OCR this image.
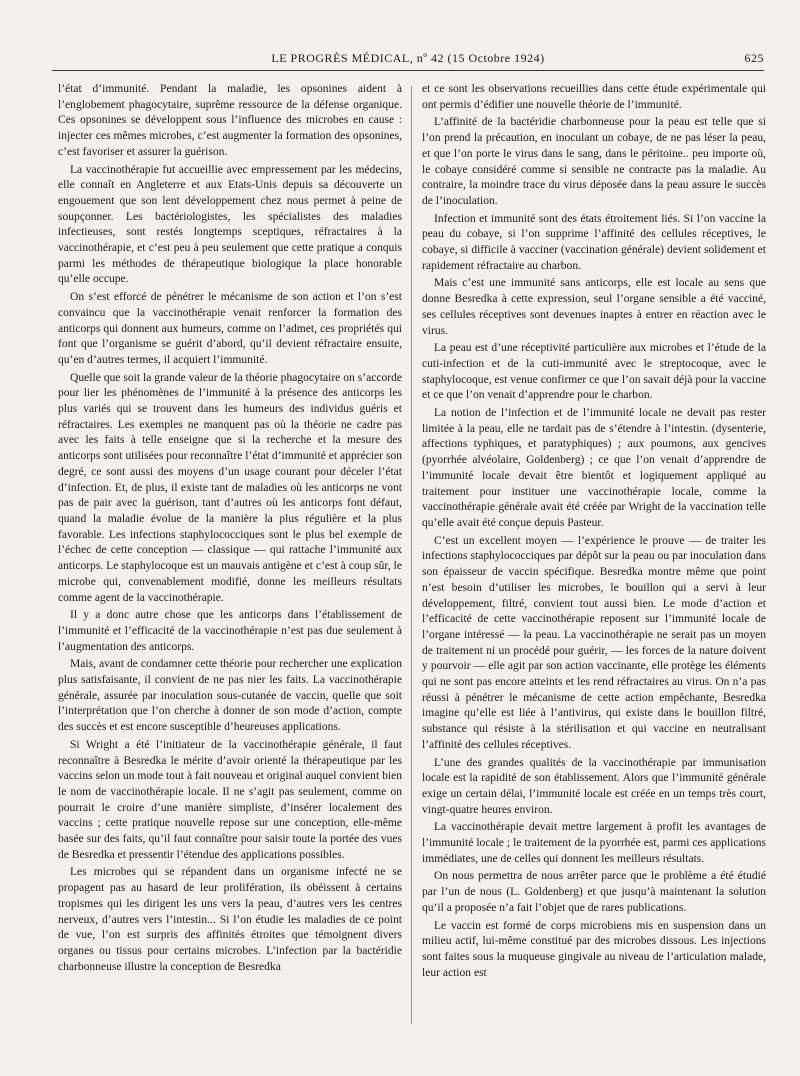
LE PROGRÈS MÉDICAL, nº 42 (15 Octobre 1924)	625

l’état d’immunité. Pendant la maladie, les opsonines aident à l’englobement phagocytaire, suprême ressource de la défense organique. Ces opsonines se développent sous l’influence des microbes en cause : injecter ces mêmes microbes, c’est augmenter la formation des opsonines, c’est favoriser et assurer la guérison.

La vaccinothérapie fut accueillie avec empressement par les médecins, elle connaît en Angleterre et aux Etats-Unis depuis sa découverte un engouement que son lent développement chez nous permet à peine de soupçonner. Les bactériologistes, les spécialistes des maladies infectieuses, sont restés longtemps sceptiques, réfractaires à la vaccinothérapie, et c’est peu à peu seulement que cette pratique a conquis parmi les méthodes de thérapeutique biologique la place honorable qu’elle occupe.

On s’est efforcé de pénétrer le mécanisme de son action et l’on s’est convaincu que la vaccinothérapie venait renforcer la formation des anticorps qui donnent aux humeurs, comme on l’admet, ces propriétés qui font que l’organisme se guérit d’abord, qu’il devient réfractaire ensuite, qu’en d’autres termes, il acquiert l’immunité.

Quelle que soit la grande valeur de la théorie phagocytaire on s’accorde pour lier les phénomènes de l’immunité à la présence des anticorps les plus variés qui se trouvent dans les humeurs des individus guéris et réfractaires. Les exemples ne manquent pas où la théorie ne cadre pas avec les faits à telle enseigne que si la recherche et la mesure des anticorps sont utilisées pour reconnaître l’état d’immunité et apprécier son degré, ce sont aussi des moyens d’un usage courant pour déceler l’état d’infection. Et, de plus, il existe tant de maladies où les anticorps ne vont pas de pair avec la guérison, tant d’autres où les anticorps font défaut, quand la maladie évolue de la manière la plus régulière et la plus favorable. Les infections staphylococciques sont le plus bel exemple de l’échec de cette conception — classique — qui rattache l’immunité aux anticorps. Le staphylocoque est un mauvais antigène et c’est à coup sûr, le microbe qui, convenablement modifié, donne les meilleurs résultats comme agent de la vaccinothérapie.

Il y a donc autre chose que les anticorps dans l’établissement de l’immunité et l’efficacité de la vaccinothérapie n’est pas due seulement à l’augmentation des anticorps.

Mais, avant de condamner cette théorie pour rechercher une explication plus satisfaisante, il convient de ne pas nier les faits. La vaccinothérapie générale, assurée par inoculation sous-cutanée de vaccin, quelle que soit l’interprétation que l’on cherche à donner de son mode d’action, compte des succès et est encore susceptible d’heureuses applications.

Si Wright a été l’initiateur de la vaccinothérapie générale, il faut reconnaître à Besredka le mérite d’avoir orienté la thérapeutique par les vaccins selon un mode tout à fait nouveau et original auquel convient bien le nom de vaccinothérapie locale. Il ne s’agit pas seulement, comme on pourrait le croire d’une manière simpliste, d’insérer localement des vaccins ; cette pratique nouvelle repose sur une conception, elle-même basée sur des faits, qu’il faut connaître pour saisir toute la portée des vues de Besredka et pressentir l’étendue des applications possibles.

Les microbes qui se répandent dans un organisme infecté ne se propagent pas au hasard de leur prolifération, ils obéissent à certains tropismes qui les dirigent les uns vers la peau, d’autres vers les centres nerveux, d’autres vers l’intestin... Si l’on étudie les maladies de ce point de vue, l’on est surpris des affinités étroites que témoignent divers organes ou tissus pour certains microbes. L’infection par la bactéridie charbonneuse illustre la conception de Besredka

et ce sont les observations recueillies dans cette étude expérimentale qui ont permis d’édifier une nouvelle théorie de l’immunité.

L’affinité de la bactéridie charbonneuse pour la peau est telle que si l’on prend la précaution, en inoculant un cobaye, de ne pas léser la peau, et que l’on porte le virus dans le sang, dans le péritoine.. peu importe où, le cobaye considéré comme si sensible ne contracte pas la maladie. Au contraire, la moindre trace du virus déposée dans la peau assure le succès de l’inoculation.

Infection et immunité sont des états étroitement liés. Si l’on vaccine la peau du cobaye, si l’on supprime l’affinité des cellules réceptives, le cobaye, si difficile à vacciner (vaccination générale) devient solidement et rapidement réfractaire au charbon.

Mais c’est une immunité sans anticorps, elle est locale au sens que donne Besredka à cette expression, seul l’organe sensible a été vacciné, ses cellules réceptives sont devenues inaptes à entrer en réaction avec le virus.

La peau est d’une réceptivité particulière aux microbes et l’étude de la cuti-infection et de la cuti-immunité avec le streptocoque, avec le staphylocoque, est venue confirmer ce que l’on savait déjà pour la vaccine et ce que l’on venait d’apprendre pour le charbon.

La notion de l’infection et de l’immunité locale ne devait pas rester limitée à la peau, elle ne tardait pas de s’étendre à l’intestin. (dysenterie, affections typhiques, et paratyphiques) ; aux poumons, aux gencives (pyorrhée alvéolaire, Goldenberg) ; ce que l’on venait d’apprendre de l’immunité locale devait être bientôt et logiquement appliqué au traitement pour instituer une vaccinothérapie locale, comme la vaccinothérapie générale avait été créée par Wright de la vaccination telle qu’elle avait été conçue depuis Pasteur.

C’est un excellent moyen — l’expérience le prouve — de traiter les infections staphylococciques par dépôt sur la peau ou par inoculation dans son épaisseur de vaccin spécifique. Besredka montre même que point n’est besoin d’utiliser les microbes, le bouillon qui a servi à leur développement, filtré, convient tout aussi bien. Le mode d’action et l’efficacité de cette vaccinothérapie reposent sur l’immunité locale de l’organe intéressé — la peau. La vaccinothérapie ne serait pas un moyen de traitement ni un procédé pour guérir, — les forces de la nature doivent y pourvoir — elle agit par son action vaccinante, elle protège les éléments qui ne sont pas encore atteints et les rend réfractaires au virus. On n’a pas réussi à pénétrer le mécanisme de cette action empêchante, Besredka imagine qu’elle est liée à l’antivirus, qui existe dans le bouillon filtré, substance qui résiste à la stérilisation et qui vaccine en neutralisant l’affinité des cellules réceptives.

L’une des grandes qualités de la vaccinothérapie par immunisation locale est la rapidité de son établissement. Alors que l’immunité générale exige un certain délai, l’immunité locale est créée en un temps très court, vingt-quatre heures environ.

La vaccinothérapie devait mettre largement à profit les avantages de l’immunité locale ; le traitement de la pyorrhée est, parmi ces applications immédiates, une de celles qui donnent les meilleurs résultats.

On nous permettra de nous arrêter parce que le problème a été étudié par l’un de nous (L. Goldenberg) et que jusqu’à maintenant la solution qu’il a proposée n’a fait l’objet que de rares publications.

Le vaccin est formé de corps microbiens mis en suspension dans un milieu actif, lui-même constitué par des microbes dissous. Les injections sont faites sous la muqueuse gingivale au niveau de l’articulation malade, leur action est
